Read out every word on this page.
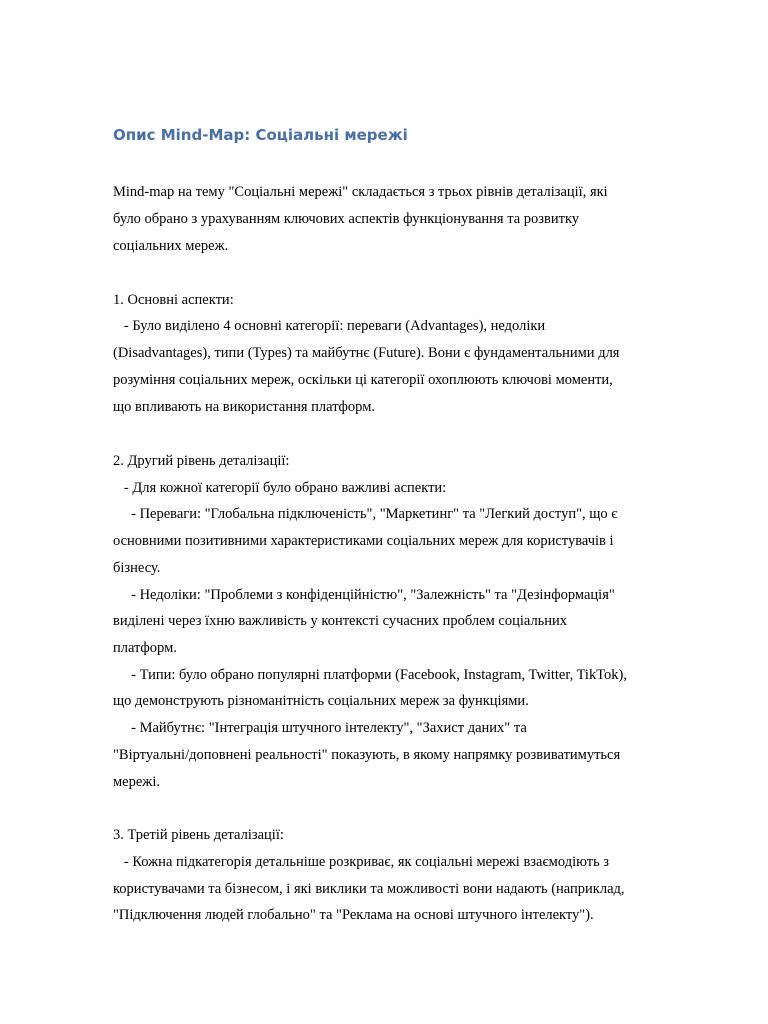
Опис Mind-Map: Соціальні мережі

Mind-map на тему "Соціальні мережі" складається з трьох рівнів деталізації, які

було обрано з урахуванням ключових аспектів функціонування та розвитку

соціальних мереж.

1. Основні аспекти:

- Було виділено 4 основні категорії: переваги (Advantages), недоліки

(Disadvantages), типи (Types) та майбутнє (Future). Вони є фундаментальними для

розуміння соціальних мереж, оскільки ці категорії охоплюють ключові моменти,

що впливають на використання платформ.

2. Другий рівень деталізації:

- Для кожної категорії було обрано важливі аспекти:

- Переваги: "Глобальна підключеність", "Маркетинг" та "Легкий доступ", що є

основними позитивними характеристиками соціальних мереж для користувачів і

бізнесу.

- Недоліки: "Проблеми з конфіденційністю", "Залежність" та "Дезінформація"

виділені через їхню важливість у контексті сучасних проблем соціальних

платформ.

- Типи: було обрано популярні платформи (Facebook, Instagram, Twitter, TikTok),

що демонструють різноманітність соціальних мереж за функціями.

- Майбутнє: "Інтеграція штучного інтелекту", "Захист даних" та

"Віртуальні/доповнені реальності" показують, в якому напрямку розвиватимуться

мережі.

3. Третій рівень деталізації:

- Кожна підкатегорія детальніше розкриває, як соціальні мережі взаємодіють з

користувачами та бізнесом, і які виклики та можливості вони надають (наприклад,

"Підключення людей глобально" та "Реклама на основі штучного інтелекту").
